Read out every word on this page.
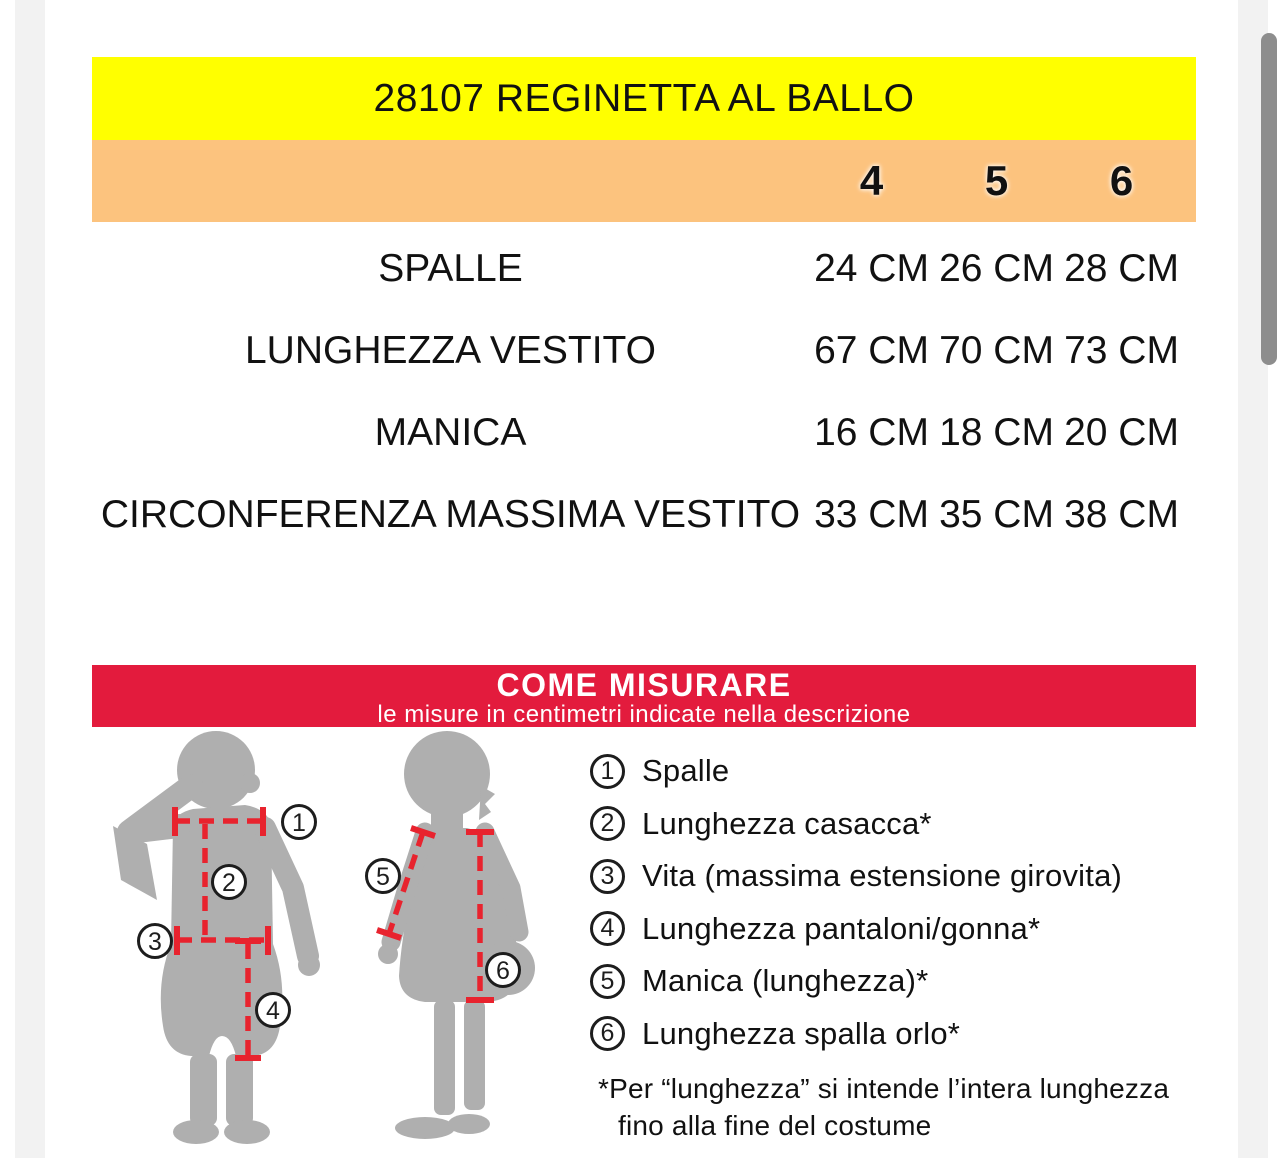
28107 REGINETTA AL BALLO
4	5	6
SPALLE	24 CM 26 CM 28 CM
LUNGHEZZA VESTITO	67 CM 70 CM 73 CM
MANICA	16 CM 18 CM 20 CM
CIRCONFERENZA MASSIMA VESTITO 33 CM 35 CM 38 CM
COME MISURARE
le misure in centimetri indicate nella descrizione
1
2
3
4
5
6
1 Spalle
2 Lunghezza casacca*
3 Vita (massima estensione girovita)
4 Lunghezza pantaloni/gonna*
5 Manica (lunghezza)*
6 Lunghezza spalla orlo*
*Per “lunghezza” si intende l’intera lunghezza
fino alla fine del costume
